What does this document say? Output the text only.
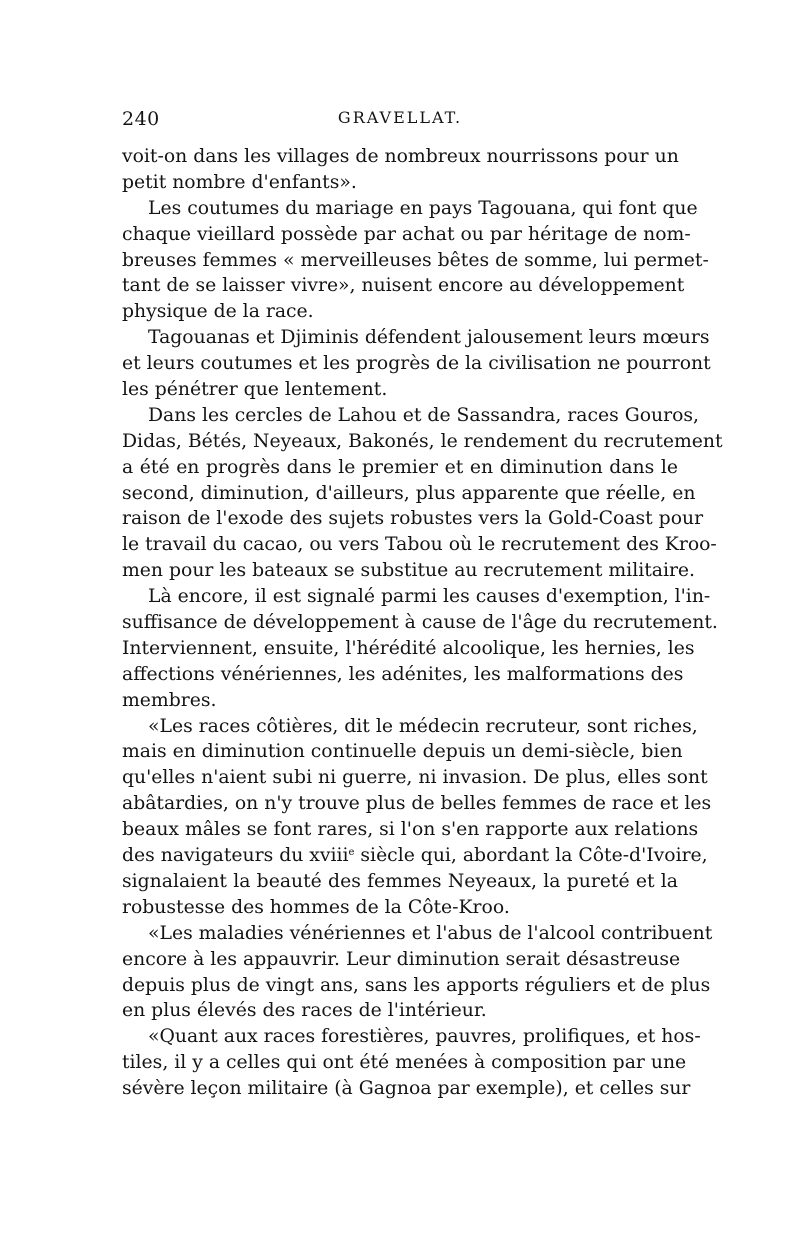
240	GRAVELLAT.
voit-on dans les villages de nombreux nourrissons pour un
petit nombre d'enfants».
Les coutumes du mariage en pays Tagouana, qui font que
chaque vieillard possède par achat ou par héritage de nom-
breuses femmes « merveilleuses bêtes de somme, lui permet-
tant de se laisser vivre», nuisent encore au développement
physique de la race.
Tagouanas et Djiminis défendent jalousement leurs mœurs
et leurs coutumes et les progrès de la civilisation ne pourront
les pénétrer que lentement.
Dans les cercles de Lahou et de Sassandra, races Gouros,
Didas, Bétés, Neyeaux, Bakonés, le rendement du recrutement
a été en progrès dans le premier et en diminution dans le
second, diminution, d'ailleurs, plus apparente que réelle, en
raison de l'exode des sujets robustes vers la Gold-Coast pour
le travail du cacao, ou vers Tabou où le recrutement des Kroo-
men pour les bateaux se substitue au recrutement militaire.
Là encore, il est signalé parmi les causes d'exemption, l'in-
suffisance de développement à cause de l'âge du recrutement.
Interviennent, ensuite, l'hérédité alcoolique, les hernies, les
affections vénériennes, les adénites, les malformations des
membres.
«Les races côtières, dit le médecin recruteur, sont riches,
mais en diminution continuelle depuis un demi-siècle, bien
qu'elles n'aient subi ni guerre, ni invasion. De plus, elles sont
abâtardies, on n'y trouve plus de belles femmes de race et les
beaux mâles se font rares, si l'on s'en rapporte aux relations
des navigateurs du xviii$^e$ siècle qui, abordant la Côte-d'Ivoire,
signalaient la beauté des femmes Neyeaux, la pureté et la
robustesse des hommes de la Côte-Kroo.
«Les maladies vénériennes et l'abus de l'alcool contribuent
encore à les appauvrir. Leur diminution serait désastreuse
depuis plus de vingt ans, sans les apports réguliers et de plus
en plus élevés des races de l'intérieur.
«Quant aux races forestières, pauvres, prolifiques, et hos-
tiles, il y a celles qui ont été menées à composition par une
sévère leçon militaire (à Gagnoa par exemple), et celles sur
